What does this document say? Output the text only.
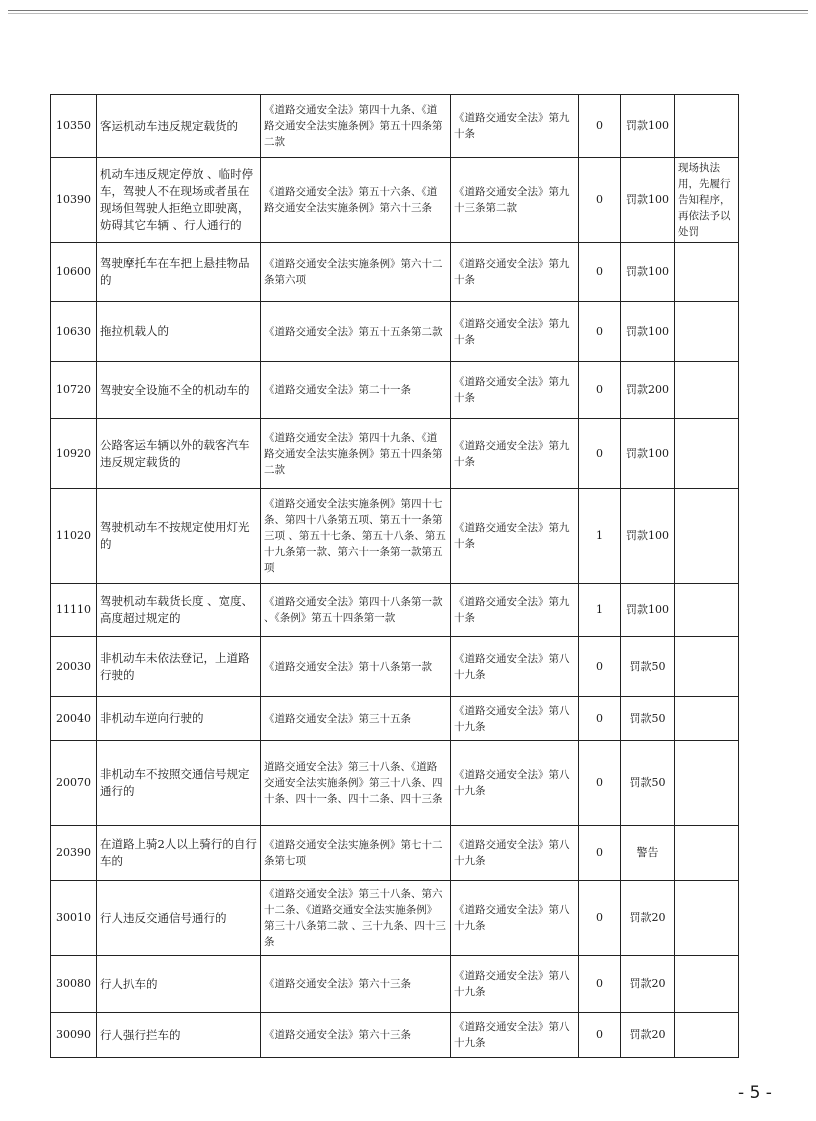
10350	客运机动车违反规定载货的	《道路交通安全法》第四十九条、《道路交通安全法实施条例》第五十四条第二款	《道路交通安全法》第九十条	0	罚款100	
10390	机动车违反规定停放 、临时停车，驾驶人不在现场或者虽在现场但驾驶人拒绝立即驶离，妨碍其它车辆 、行人通行的	《道路交通安全法》第五十六条、《道路交通安全法实施条例》第六十三条	《道路交通安全法》第九十三条第二款	0	罚款100	现场执法用，先履行告知程序，再依法予以处罚
10600	驾驶摩托车在车把上悬挂物品的	《道路交通安全法实施条例》第六十二条第六项	《道路交通安全法》第九十条	0	罚款100	
10630	拖拉机载人的	《道路交通安全法》第五十五条第二款	《道路交通安全法》第九十条	0	罚款100	
10720	驾驶安全设施不全的机动车的	《道路交通安全法》第二十一条	《道路交通安全法》第九十条	0	罚款200	
10920	公路客运车辆以外的载客汽车违反规定载货的	《道路交通安全法》第四十九条、《道路交通安全法实施条例》第五十四条第二款	《道路交通安全法》第九十条	0	罚款100	
11020	驾驶机动车不按规定使用灯光的	《道路交通安全法实施条例》第四十七条、第四十八条第五项、第五十一条第三项 、第五十七条、第五十八条、第五十九条第一款、第六十一条第一款第五项	《道路交通安全法》第九十条	1	罚款100	
11110	驾驶机动车载货长度 、宽度、高度超过规定的	《道路交通安全法》第四十八条第一款 、《条例》第五十四条第一款	《道路交通安全法》第九十条	1	罚款100	
20030	非机动车未依法登记，上道路行驶的	《道路交通安全法》第十八条第一款	《道路交通安全法》第八十九条	0	罚款50	
20040	非机动车逆向行驶的	《道路交通安全法》第三十五条	《道路交通安全法》第八十九条	0	罚款50	
20070	非机动车不按照交通信号规定通行的	道路交通安全法》第三十八条、《道路交通安全法实施条例》第三十八条、四十条、四十一条、四十二条、四十三条	《道路交通安全法》第八十九条	0	罚款50	
20390	在道路上骑2人以上骑行的自行车的	《道路交通安全法实施条例》第七十二条第七项	《道路交通安全法》第八十九条	0	警告	
30010	行人违反交通信号通行的	《道路交通安全法》第三十八条、第六十二条、《道路交通安全法实施条例》第三十八条第二款 、三十九条、四十三条	《道路交通安全法》第八十九条	0	罚款20	
30080	行人扒车的	《道路交通安全法》第六十三条	《道路交通安全法》第八十九条	0	罚款20	
30090	行人强行拦车的	《道路交通安全法》第六十三条	《道路交通安全法》第八十九条	0	罚款20	
- 5 -
